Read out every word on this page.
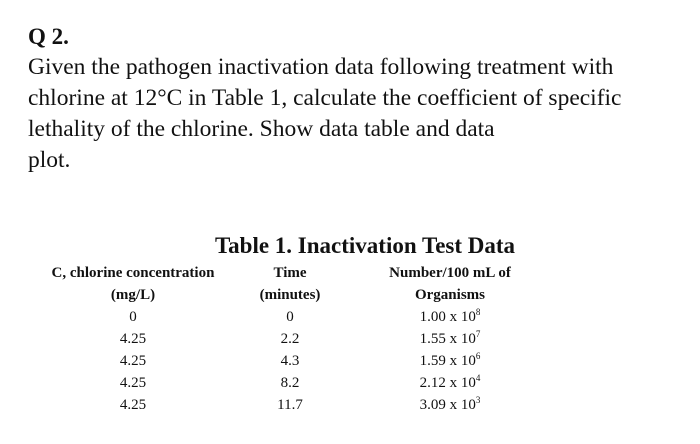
Q 2.
Given the pathogen inactivation data following treatment with
chlorine at 12°C in Table 1, calculate the coefficient of specific
lethality of the chlorine. Show data table and data
plot.
Table 1. Inactivation Test Data
C, chlorine concentration
(mg/L)
0
4.25
4.25
4.25
4.25
Time
(minutes)
0
2.2
4.3
8.2
11.7
Number/100 mL of
Organisms
1.00 x $10^8$
1.55 x $10^7$
1.59 x $10^6$
2.12 x $10^4$
3.09 x $10^3$
